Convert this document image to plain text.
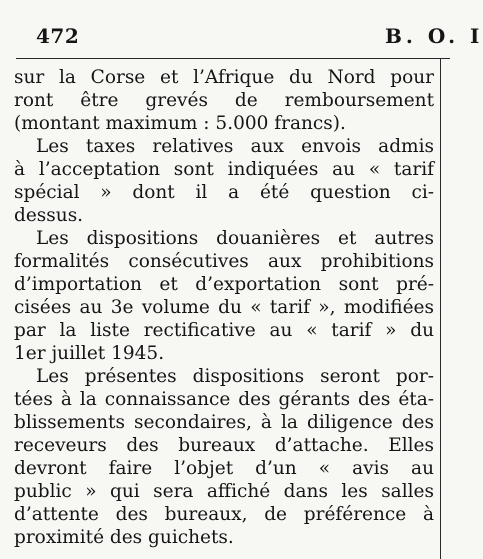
472	B. O. I

sur la Corse et l’Afrique du Nord pour
ront être grevés de remboursement
(montant maximum : 5.000 francs).

Les taxes relatives aux envois admis
à l’acceptation sont indiquées au « tarif
spécial » dont il a été question ci-
dessus.

Les dispositions douanières et autres
formalités consécutives aux prohibitions
d’importation et d’exportation sont pré-
cisées au 3e volume du « tarif », modifiées
par la liste rectificative au « tarif » du
1er juillet 1945.

Les présentes dispositions seront por-
tées à la connaissance des gérants des éta-
blissements secondaires, à la diligence des
receveurs des bureaux d’attache. Elles
devront faire l’objet d’un « avis au
public » qui sera affiché dans les salles
d’attente des bureaux, de préférence à
proximité des guichets.
